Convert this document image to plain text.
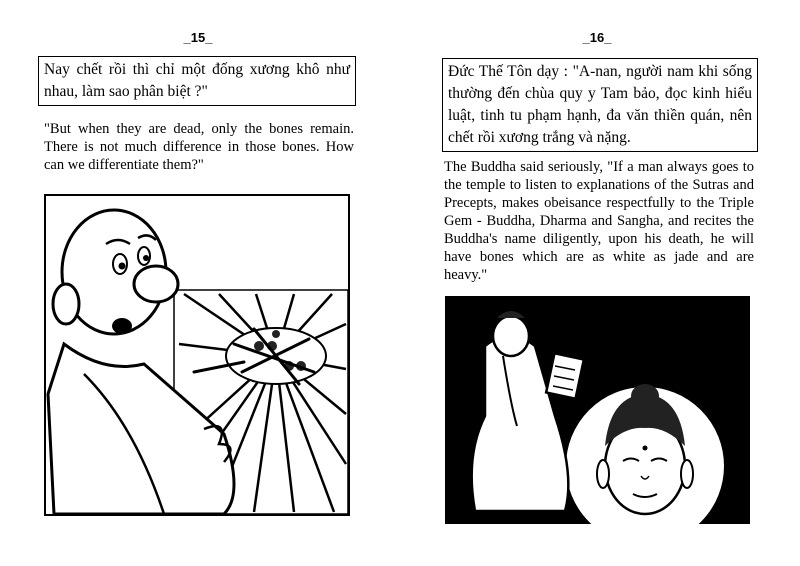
_15_
Nay chết rồi thì chỉ một đống xương khô như nhau, làm sao phân biệt ?"
"But when they are dead, only the bones remain. There is not much difference in those bones. How can we differentiate them?"
_16_
Đức Thế Tôn dạy : "A-nan, người nam khi sống thường đến chùa quy y Tam bảo, đọc kinh hiểu luật, tinh tu phạm hạnh, đa văn thiền quán, nên chết rồi xương trắng và nặng.
The Buddha said seriously, "If a man always goes to the temple to listen to explanations of the Sutras and Precepts, makes obeisance respectfully to the Triple Gem - Buddha, Dharma and Sangha, and recites the Buddha's name diligently, upon his death, he will have bones which are as white as jade and are heavy."
